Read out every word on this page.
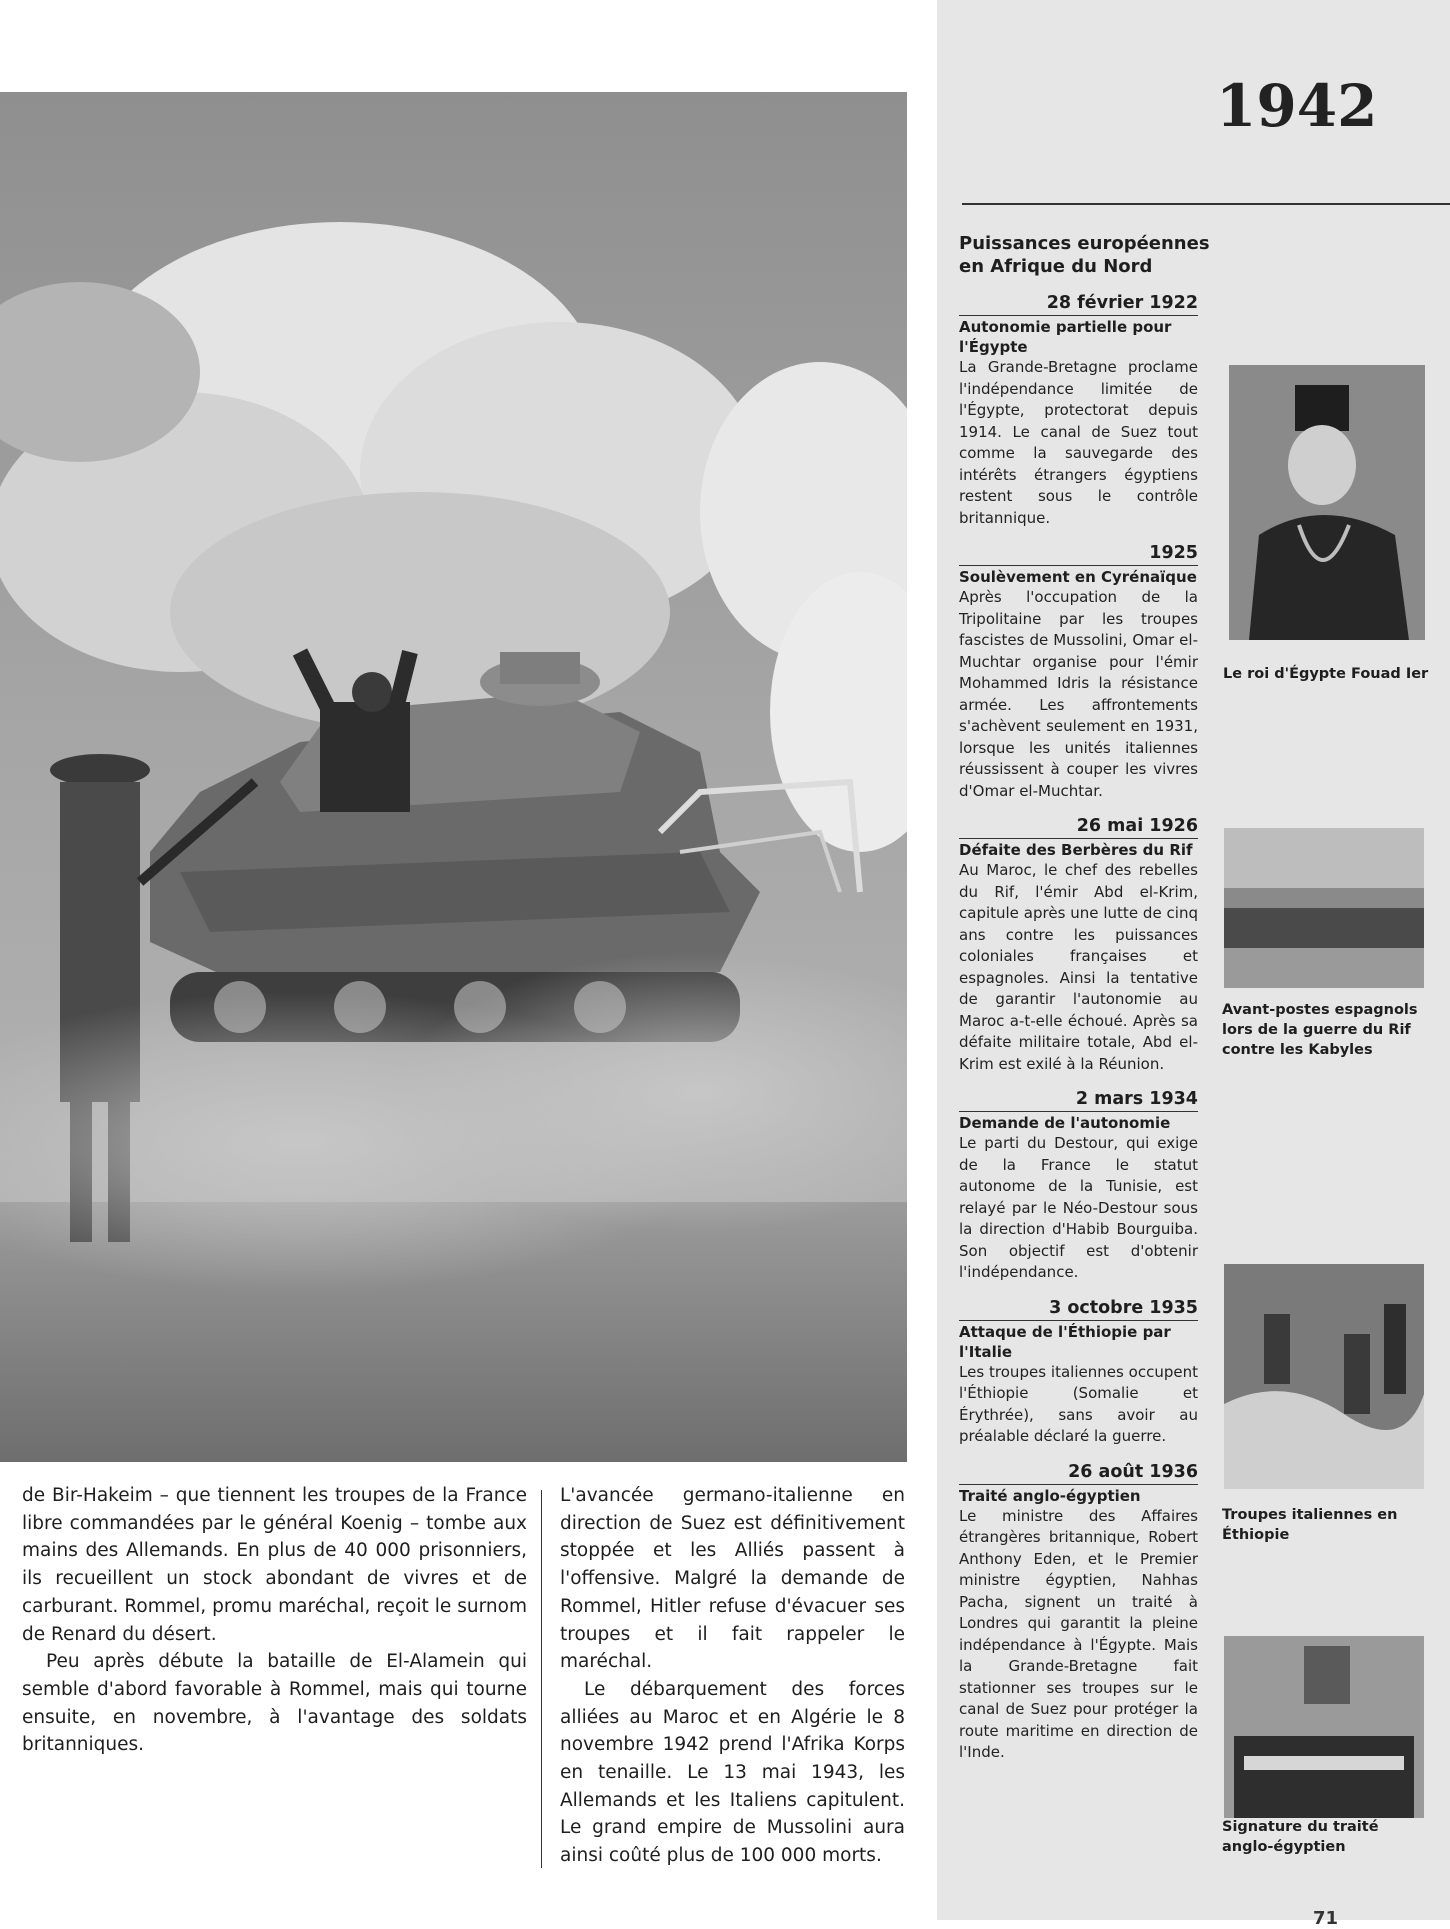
de Bir-Hakeim – que tiennent les troupes de la France libre commandées par le général Koenig – tombe aux mains des Allemands. En plus de 40 000 prisonniers, ils recueillent un stock abondant de vivres et de carburant. Rommel, promu maréchal, reçoit le surnom de Renard du désert.

Peu après débute la bataille de El-Alamein qui semble d'abord favorable à Rommel, mais qui tourne ensuite, en novembre, à l'avantage des soldats britanniques.

L'avancée germano-italienne en direction de Suez est définitivement stoppée et les Alliés passent à l'offensive. Malgré la demande de Rommel, Hitler refuse d'évacuer ses troupes et il fait rappeler le maréchal.

Le débarquement des forces alliées au Maroc et en Algérie le 8 novembre 1942 prend l'Afrika Korps en tenaille. Le 13 mai 1943, les Allemands et les Italiens capitulent. Le grand empire de Mussolini aura ainsi coûté plus de 100 000 morts.

1942
Puissances européennes en Afrique du Nord
28 février 1922
Autonomie partielle pour l'Égypte
La Grande-Bretagne proclame l'indépendance limitée de l'Égypte, protectorat depuis 1914. Le canal de Suez tout comme la sauvegarde des intérêts étrangers égyptiens restent sous le contrôle britannique.
1925
Soulèvement en Cyrénaïque
Après l'occupation de la Tripolitaine par les troupes fascistes de Mussolini, Omar el-Muchtar organise pour l'émir Mohammed Idris la résistance armée. Les affrontements s'achèvent seulement en 1931, lorsque les unités italiennes réussissent à couper les vivres d'Omar el-Muchtar.
26 mai 1926
Défaite des Berbères du Rif
Au Maroc, le chef des rebelles du Rif, l'émir Abd el-Krim, capitule après une lutte de cinq ans contre les puissances coloniales françaises et espagnoles. Ainsi la tentative de garantir l'autonomie au Maroc a-t-elle échoué. Après sa défaite militaire totale, Abd el-Krim est exilé à la Réunion.
2 mars 1934
Demande de l'autonomie
Le parti du Destour, qui exige de la France le statut autonome de la Tunisie, est relayé par le Néo-Destour sous la direction d'Habib Bourguiba. Son objectif est d'obtenir l'indépendance.
3 octobre 1935
Attaque de l'Éthiopie par l'Italie
Les troupes italiennes occupent l'Éthiopie (Somalie et Érythrée), sans avoir au préalable déclaré la guerre.
26 août 1936
Traité anglo-égyptien
Le ministre des Affaires étrangères britannique, Robert Anthony Eden, et le Premier ministre égyptien, Nahhas Pacha, signent un traité à Londres qui garantit la pleine indépendance à l'Égypte. Mais la Grande-Bretagne fait stationner ses troupes sur le canal de Suez pour protéger la route maritime en direction de l'Inde.
Le roi d'Égypte Fouad Ier
Avant-postes espagnols lors de la guerre du Rif contre les Kabyles
Troupes italiennes en Éthiopie
Signature du traité anglo-égyptien
71
